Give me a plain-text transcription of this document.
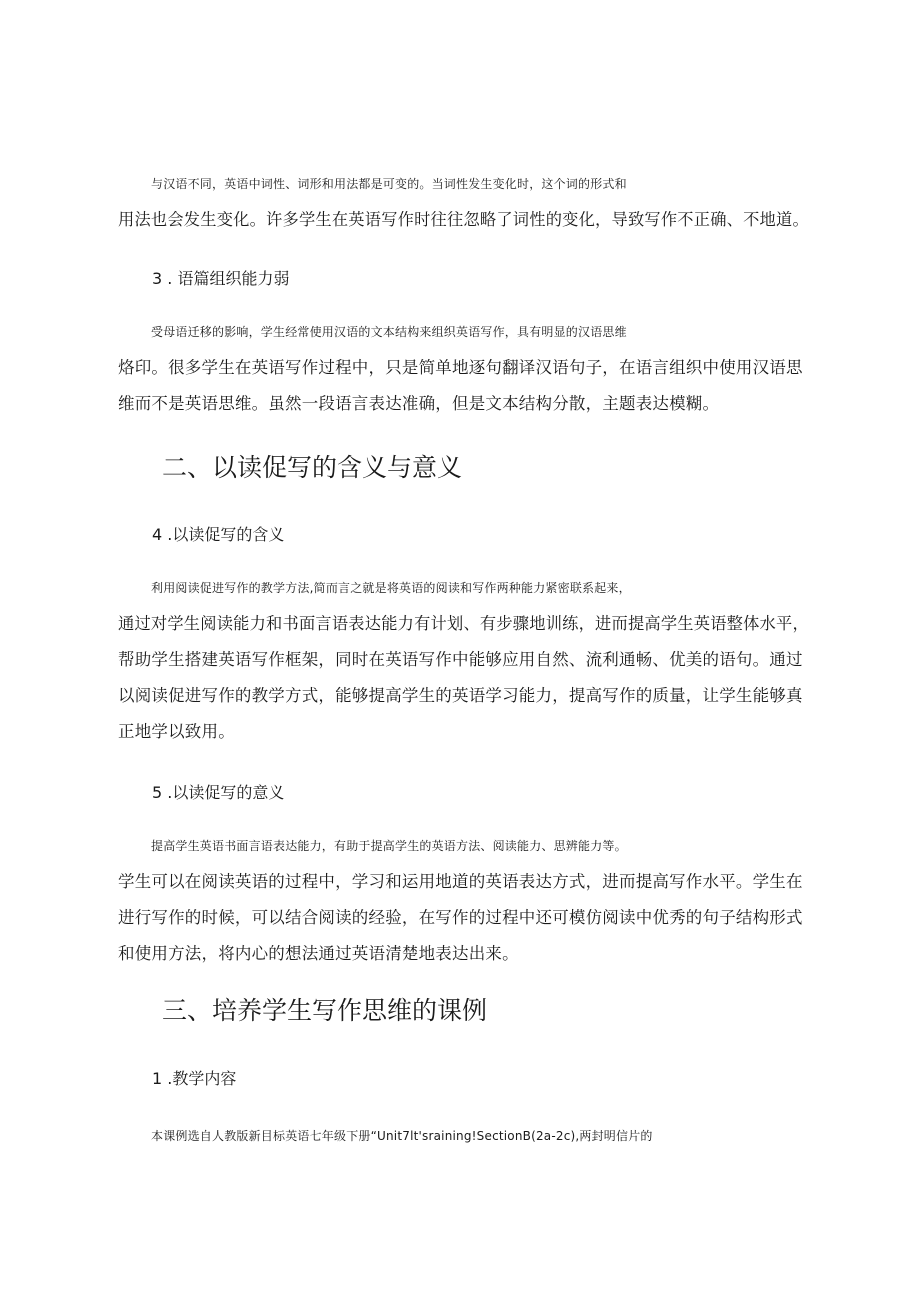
与汉语不同，英语中词性、词形和用法都是可变的。当词性发生变化时，这个词的形式和
用法也会发生变化。许多学生在英语写作时往往忽略了词性的变化，导致写作不正确、不地道。

3 . 语篇组织能力弱

受母语迁移的影响，学生经常使用汉语的文本结构来组织英语写作，具有明显的汉语思维
烙印。很多学生在英语写作过程中，只是简单地逐句翻译汉语句子，在语言组织中使用汉语思
维而不是英语思维。虽然一段语言表达准确，但是文本结构分散，主题表达模糊。

二、以读促写的含义与意义

4 .以读促写的含义

利用阅读促进写作的教学方法,简而言之就是将英语的阅读和写作两种能力紧密联系起来，
通过对学生阅读能力和书面言语表达能力有计划、有步骤地训练，进而提高学生英语整体水平，
帮助学生搭建英语写作框架，同时在英语写作中能够应用自然、流利通畅、优美的语句。通过
以阅读促进写作的教学方式，能够提高学生的英语学习能力，提高写作的质量，让学生能够真
正地学以致用。

5 .以读促写的意义

提高学生英语书面言语表达能力，有助于提高学生的英语方法、阅读能力、思辨能力等。
学生可以在阅读英语的过程中，学习和运用地道的英语表达方式，进而提高写作水平。学生在
进行写作的时候，可以结合阅读的经验，在写作的过程中还可模仿阅读中优秀的句子结构形式
和使用方法，将内心的想法通过英语清楚地表达出来。

三、培养学生写作思维的课例

1 .教学内容

本课例选自人教版新目标英语七年级下册“Unit7lt'sraining!SectionB(2a-2c),两封明信片的
